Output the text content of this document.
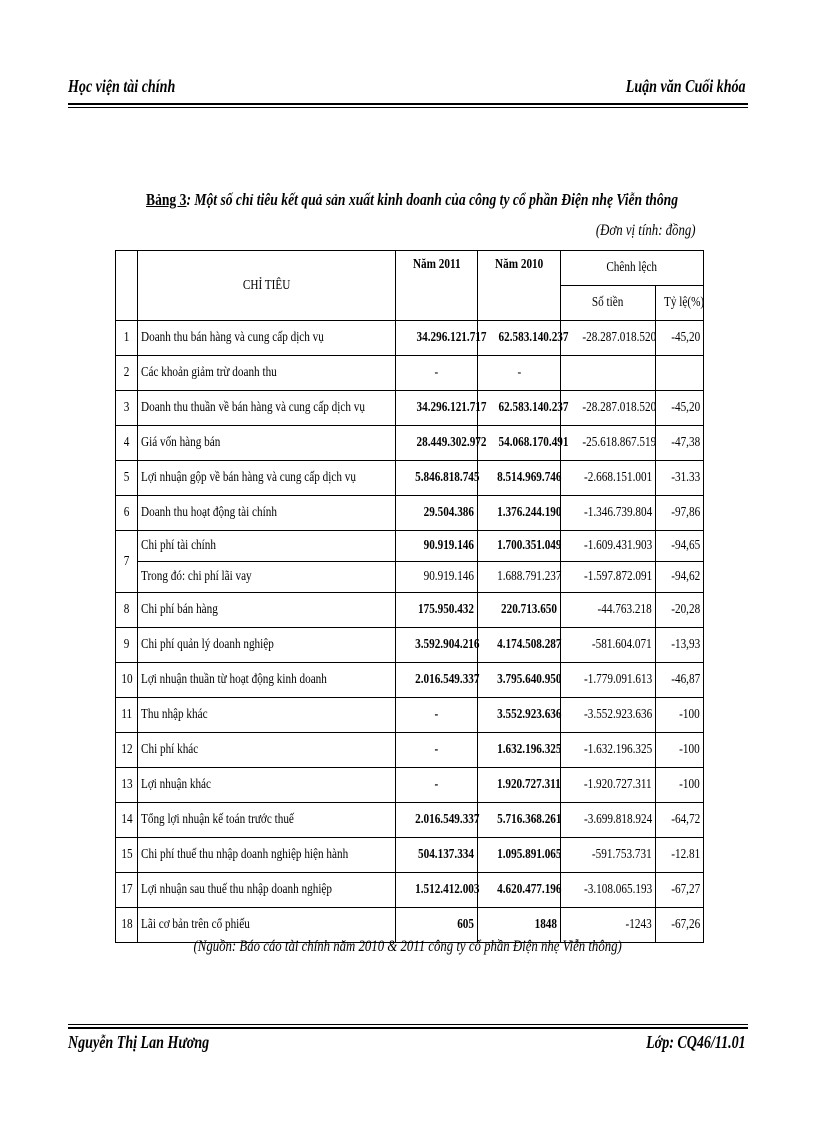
Học viện tài chính	Luận văn Cuối khóa
Bảng 3: Một số chỉ tiêu kết quả sản xuất kinh doanh của công ty cổ phần Điện nhẹ Viễn thông
(Đơn vị tính: đồng)
	CHỈ TIÊU	Năm 2011	Năm 2010	Chênh lệch	
				Số tiền	Tỷ lệ(%)
1	Doanh thu bán hàng và cung cấp dịch vụ	34.296.121.717	62.583.140.237	-28.287.018.520	-45,20
2	Các khoản giảm trừ doanh thu	-	-		
3	Doanh thu thuần về bán hàng và cung cấp dịch vụ	34.296.121.717	62.583.140.237	-28.287.018.520	-45,20
4	Giá vốn hàng bán	28.449.302.972	54.068.170.491	-25.618.867.519	-47,38
5	Lợi nhuận gộp về bán hàng và cung cấp dịch vụ	5.846.818.745	8.514.969.746	-2.668.151.001	-31.33
6	Doanh thu hoạt động tài chính	29.504.386	1.376.244.190	-1.346.739.804	-97,86
7	Chi phí tài chính	90.919.146	1.700.351.049	-1.609.431.903	-94,65
	Trong đó: chi phí lãi vay	90.919.146	1.688.791.237	-1.597.872.091	-94,62
8	Chi phí bán hàng	175.950.432	220.713.650	-44.763.218	-20,28
9	Chi phí quản lý doanh nghiệp	3.592.904.216	4.174.508.287	-581.604.071	-13,93
10	Lợi nhuận thuần từ hoạt động kinh doanh	2.016.549.337	3.795.640.950	-1.779.091.613	-46,87
11	Thu nhập khác	-	3.552.923.636	-3.552.923.636	-100
12	Chi phí khác	-	1.632.196.325	-1.632.196.325	-100
13	Lợi nhuận khác	-	1.920.727.311	-1.920.727.311	-100
14	Tổng lợi nhuận kế toán trước thuế	2.016.549.337	5.716.368.261	-3.699.818.924	-64,72
15	Chi phí thuế thu nhập doanh nghiệp hiện hành	504.137.334	1.095.891.065	-591.753.731	-12.81
17	Lợi nhuận sau thuế thu nhập doanh nghiệp	1.512.412.003	4.620.477.196	-3.108.065.193	-67,27
18	Lãi cơ bản trên cổ phiếu	605	1848	-1243	-67,26
(Nguồn: Báo cáo tài chính năm 2010 & 2011 công ty cổ phần Điện nhẹ Viễn thông)
Nguyễn Thị Lan Hương	Lớp: CQ46/11.01
